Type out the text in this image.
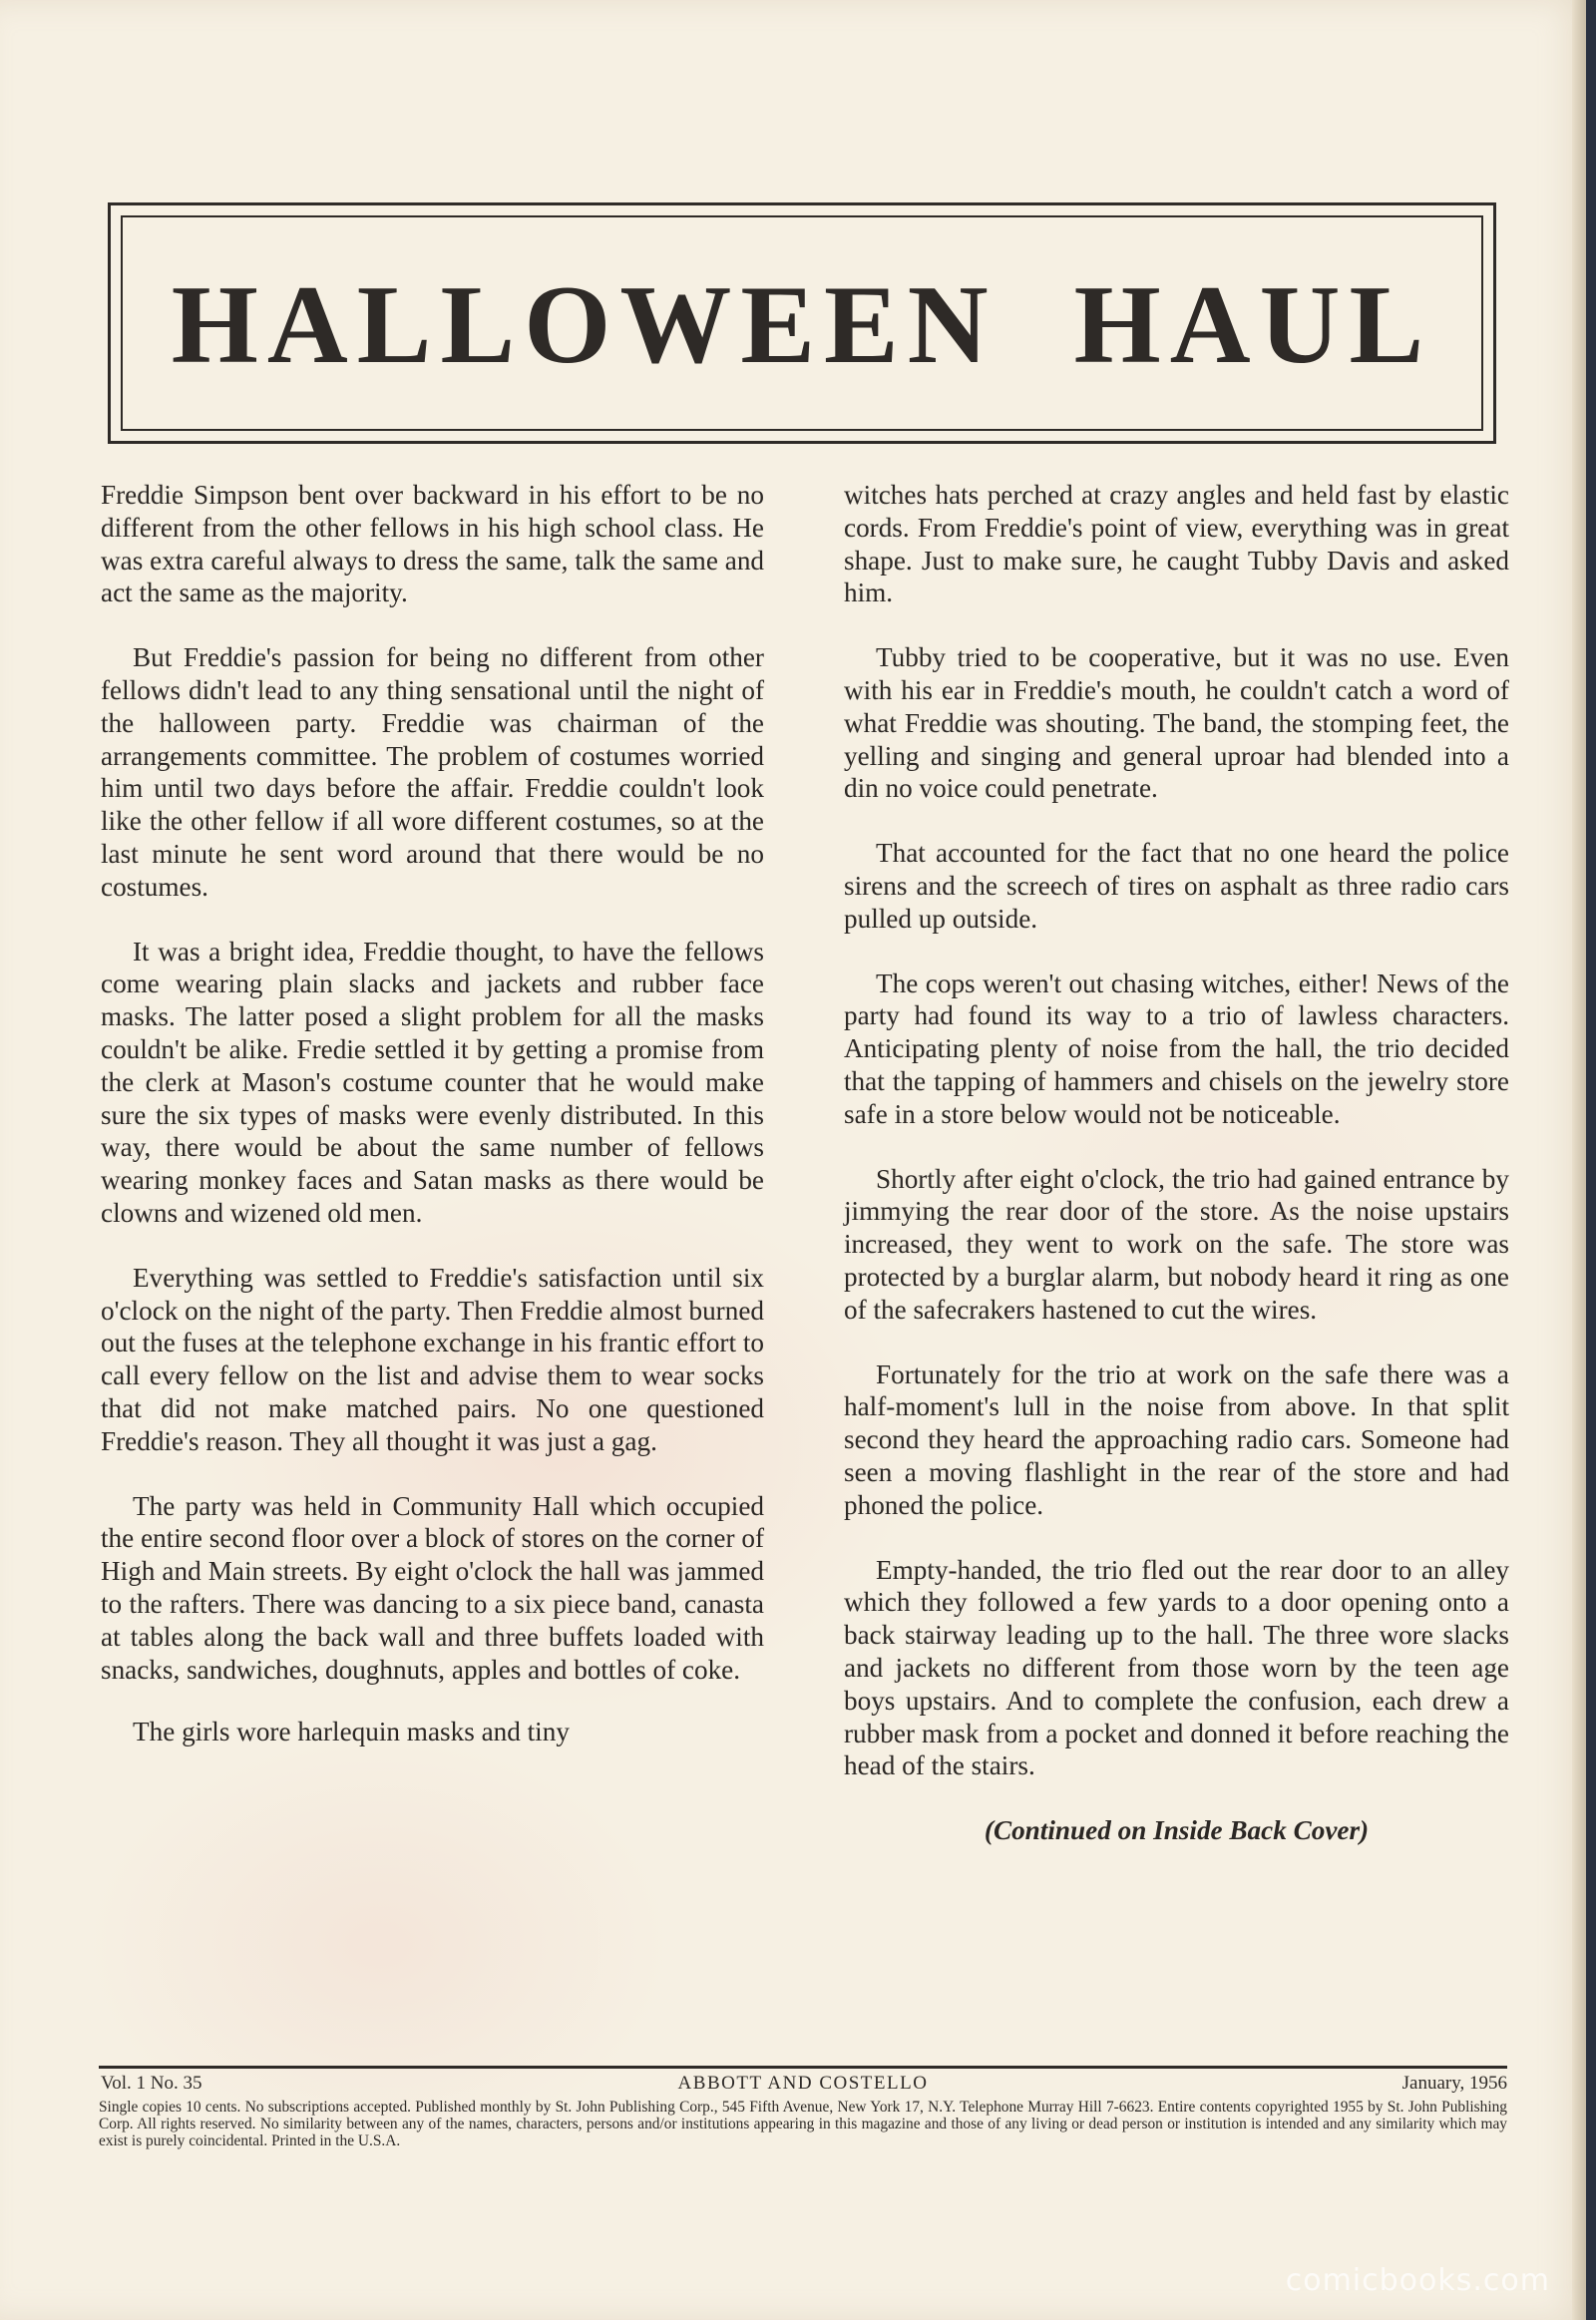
HALLOWEEN HAUL

Freddie Simpson bent over backward in his effort to be no different from the other fellows in his high school class. He was extra careful always to dress the same, talk the same and act the same as the majority.

But Freddie's passion for being no different from other fellows didn't lead to any thing sensational until the night of the halloween party. Freddie was chairman of the arrangements committee. The problem of costumes worried him until two days before the affair. Freddie couldn't look like the other fellow if all wore different costumes, so at the last minute he sent word around that there would be no costumes.

It was a bright idea, Freddie thought, to have the fellows come wearing plain slacks and jackets and rubber face masks. The latter posed a slight problem for all the masks couldn't be alike. Fredie settled it by getting a promise from the clerk at Mason's costume counter that he would make sure the six types of masks were evenly distributed. In this way, there would be about the same number of fellows wearing monkey faces and Satan masks as there would be clowns and wizened old men.

Everything was settled to Freddie's satisfaction until six o'clock on the night of the party. Then Freddie almost burned out the fuses at the telephone exchange in his frantic effort to call every fellow on the list and advise them to wear socks that did not make matched pairs. No one questioned Freddie's reason. They all thought it was just a gag.

The party was held in Community Hall which occupied the entire second floor over a block of stores on the corner of High and Main streets. By eight o'clock the hall was jammed to the rafters. There was dancing to a six piece band, canasta at tables along the back wall and three buffets loaded with snacks, sandwiches, doughnuts, apples and bottles of coke.

The girls wore harlequin masks and tiny

witches hats perched at crazy angles and held fast by elastic cords. From Freddie's point of view, everything was in great shape. Just to make sure, he caught Tubby Davis and asked him.

Tubby tried to be cooperative, but it was no use. Even with his ear in Freddie's mouth, he couldn't catch a word of what Freddie was shouting. The band, the stomping feet, the yelling and singing and general uproar had blended into a din no voice could penetrate.

That accounted for the fact that no one heard the police sirens and the screech of tires on asphalt as three radio cars pulled up outside.

The cops weren't out chasing witches, either! News of the party had found its way to a trio of lawless characters. Anticipating plenty of noise from the hall, the trio decided that the tapping of hammers and chisels on the jewelry store safe in a store below would not be noticeable.

Shortly after eight o'clock, the trio had gained entrance by jimmying the rear door of the store. As the noise upstairs increased, they went to work on the safe. The store was protected by a burglar alarm, but nobody heard it ring as one of the safecrakers hastened to cut the wires.

Fortunately for the trio at work on the safe there was a half-moment's lull in the noise from above. In that split second they heard the approaching radio cars. Someone had seen a moving flashlight in the rear of the store and had phoned the police.

Empty-handed, the trio fled out the rear door to an alley which they followed a few yards to a door opening onto a back stairway leading up to the hall. The three wore slacks and jackets no different from those worn by the teen age boys upstairs. And to complete the confusion, each drew a rubber mask from a pocket and donned it before reaching the head of the stairs.

(Continued on Inside Back Cover)

Vol. 1 No. 35	ABBOTT AND COSTELLO	January, 1956
Single copies 10 cents. No subscriptions accepted. Published monthly by St. John Publishing Corp., 545 Fifth Avenue, New York 17, N.Y. Telephone Murray Hill 7-6623. Entire contents copyrighted 1955 by St. John Publishing Corp. All rights reserved. No similarity between any of the names, characters, persons and/or institutions appearing in this magazine and those of any living or dead person or institution is intended and any similarity which may exist is purely coincidental. Printed in the U.S.A.
comicbooks.com
